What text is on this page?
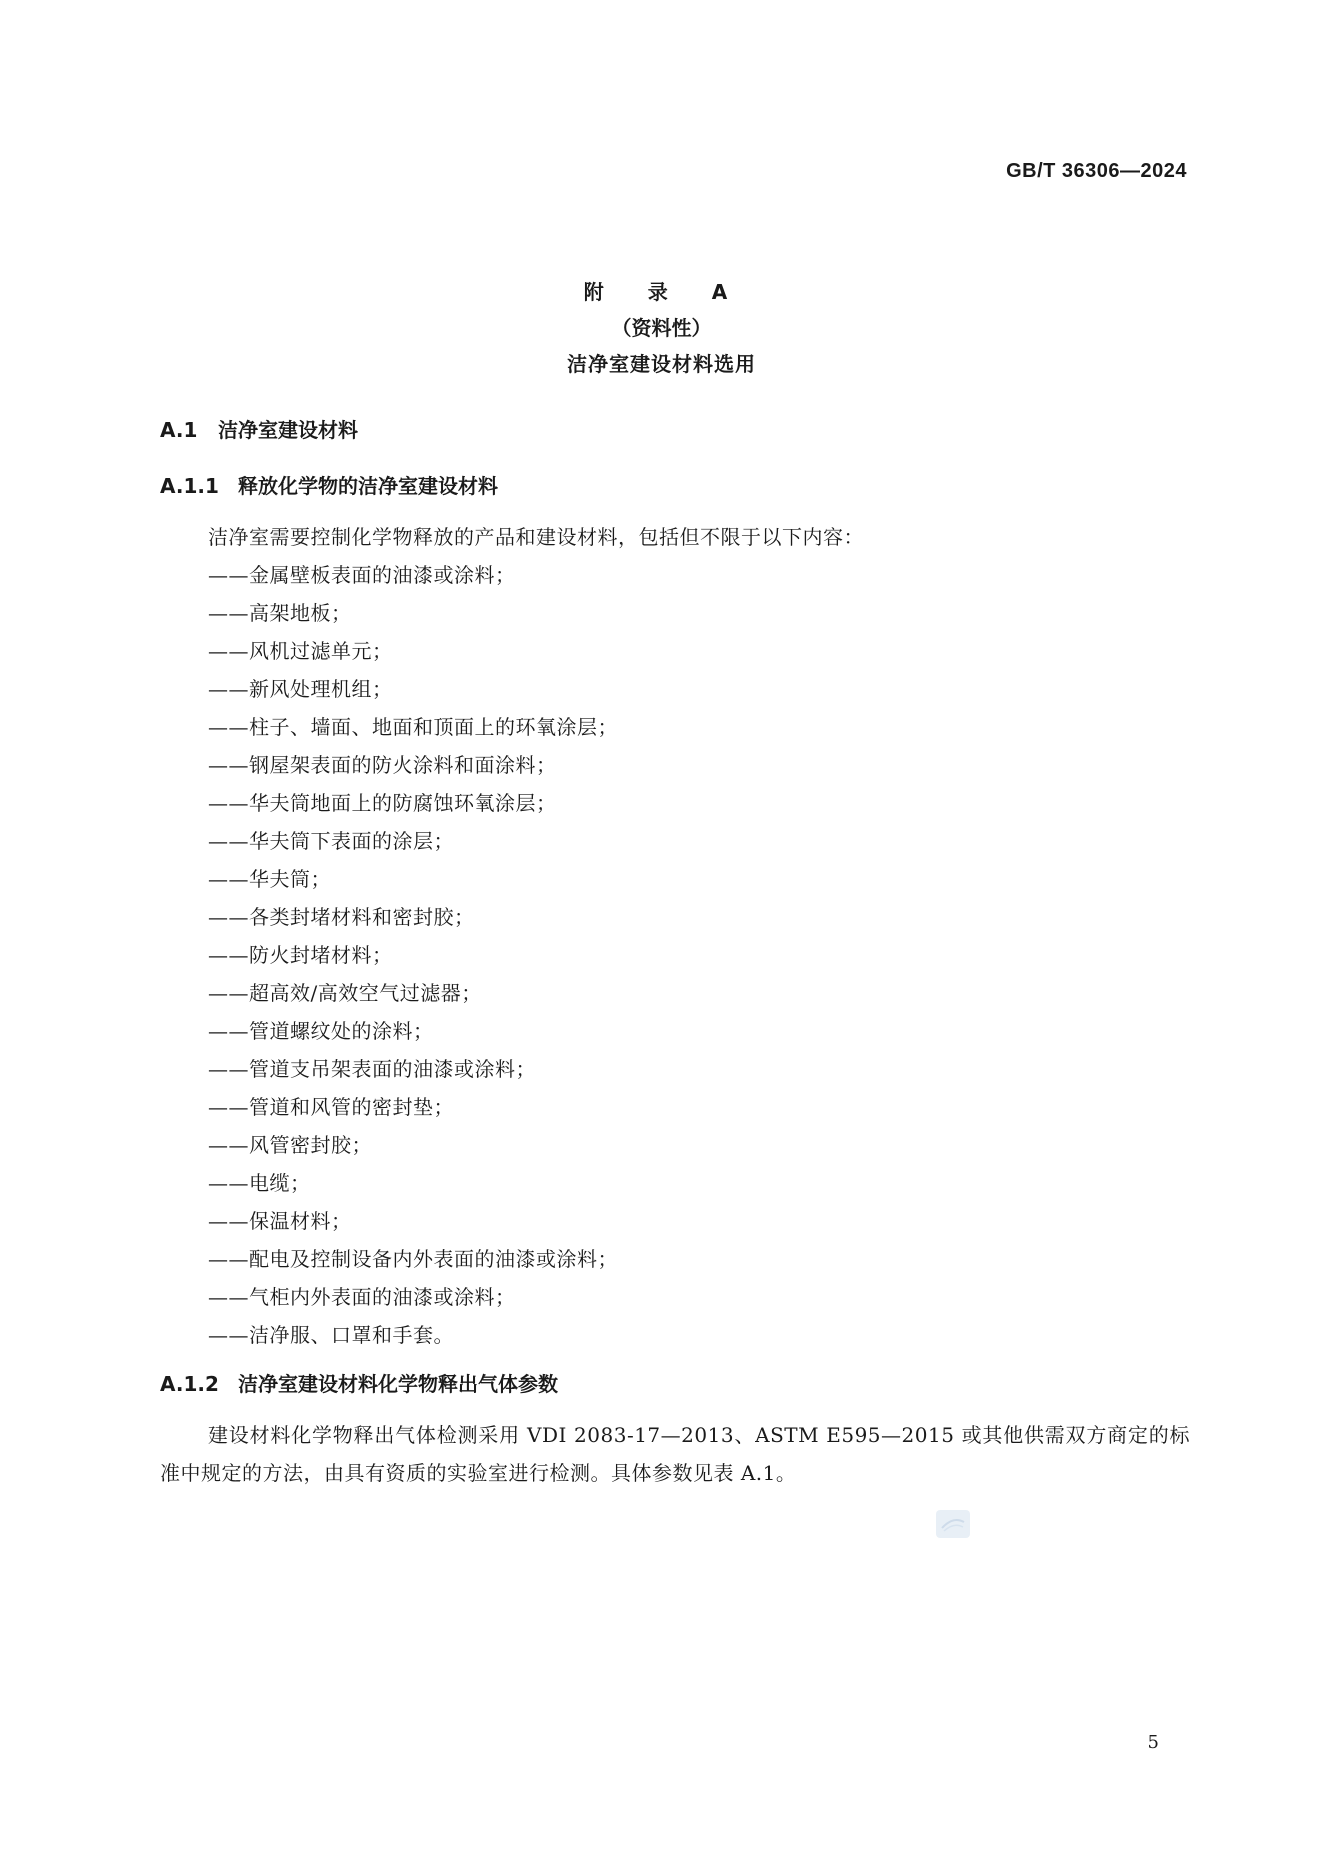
GB/T 36306—2024
附　录　A
（资料性）
洁净室建设材料选用
A.1 洁净室建设材料
A.1.1 释放化学物的洁净室建设材料

洁净室需要控制化学物释放的产品和建设材料，包括但不限于以下内容：

——金属壁板表面的油漆或涂料；
——高架地板；
——风机过滤单元；
——新风处理机组；
——柱子、墙面、地面和顶面上的环氧涂层；
——钢屋架表面的防火涂料和面涂料；
——华夫筒地面上的防腐蚀环氧涂层；
——华夫筒下表面的涂层；
——华夫筒；
——各类封堵材料和密封胶；
——防火封堵材料；
——超高效/高效空气过滤器；
——管道螺纹处的涂料；
——管道支吊架表面的油漆或涂料；
——管道和风管的密封垫；
——风管密封胶；
——电缆；
——保温材料；
——配电及控制设备内外表面的油漆或涂料；
——气柜内外表面的油漆或涂料；
——洁净服、口罩和手套。
A.1.2 洁净室建设材料化学物释出气体参数

建设材料化学物释出气体检测采用 VDI 2083-17—2013、ASTM E595—2015 或其他供需双方商定的标准中规定的方法，由具有资质的实验室进行检测。具体参数见表 A.1。

5
